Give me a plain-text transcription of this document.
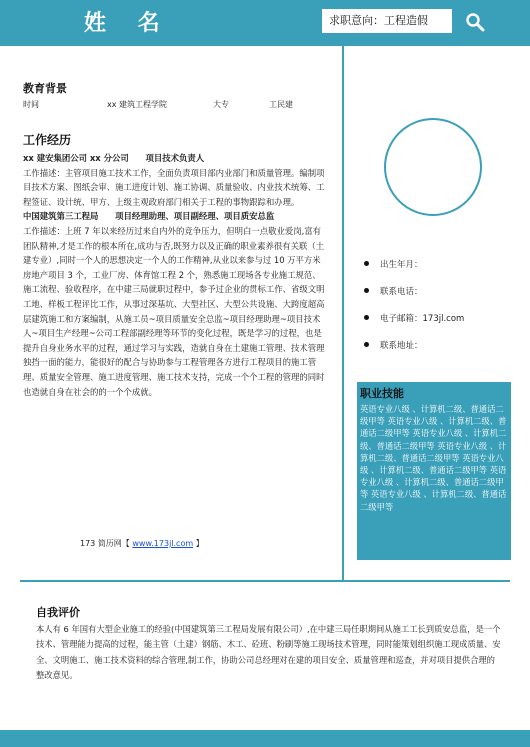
姓 名	求职意向：工程造假
教育背景
时间	xx 建筑工程学院	大专	工民建
工作经历

xx 建安集团公司 xx 分公司　　项目技术负责人

工作描述：主管项目施工技术工作，全面负责项目部内业部门和质量管理。编制项目技术方案、图纸会审、施工进度计划、施工协调、质量验收、内业技术统筹、工程签证、设计统、甲方、上级主观政府部门相关于工程的事物跟踪和办理。

中国建筑第三工程局　　项目经理助理、项目副经理、项目质安总监

工作描述：上班 7 年以来经历过来自内外的竞争压力，但明白一点敬业爱岗,富有团队精神,才是工作的根本所在,成功与否,既努力以及正确的职业素养很有关联（土建专业）,同时一个人的思想决定一个人的工作精神,从业以来参与过 10 万平方米房地产项目 3 个，工业厂房、体育馆工程 2 个，熟悉施工现场各专业施工规范、施工流程、验收程序，在中建三局就职过程中，参予过企业的贯标工作、省级文明工地、样板工程评比工作，从事过深基坑、大型社区、大型公共设施、大跨度超高层建筑施工和方案编制，从施工员~项目质量安全总监~项目经理助理~项目技术人~项目生产经理~公司工程部副经理等环节的变化过程，既是学习的过程，也是提升自身业务水平的过程，通过学习与实践，造就自身在土建施工管理、技术管理独挡一面的能力，能很好的配合与协助参与工程管理各方进行工程项目的施工管理、质量安全管理、施工进度管理、施工技术支持，完成一个个工程的管理的同时也造就自身在社会的的一个个成就。

173 简历网【 www.173jl.com 】
出生年月：
联系电话：
电子邮箱：173jl.com
联系地址：
职业技能
英语专业八级 、计算机二级、普通话二级甲等 英语专业八级 、计算机二级、普通话二级甲等 英语专业八级 、计算机二级、普通话二级甲等 英语专业八级 、计算机二级、普通话二级甲等 英语专业八级 、计算机二级、普通话二级甲等 英语专业八级 、计算机二级、普通话二级甲等 英语专业八级 、计算机二级、普通话二级甲等
自我评价
本人有 6 年国有大型企业施工的经验(中国建筑第三工程局发展有限公司）,在中建三局任职期间从施工工长到质安总监，是一个技术、管理能力提高的过程，能主管（土建）钢筋、木工、砼班、粉刷等施工现场技术管理，同时能策划组织施工现成质量、安全、文明施工、施工技术资料的综合管理,制工作，协助公司总经理对在建的项目安全、质量管理和巡查，并对项目提供合理的整改意见。
